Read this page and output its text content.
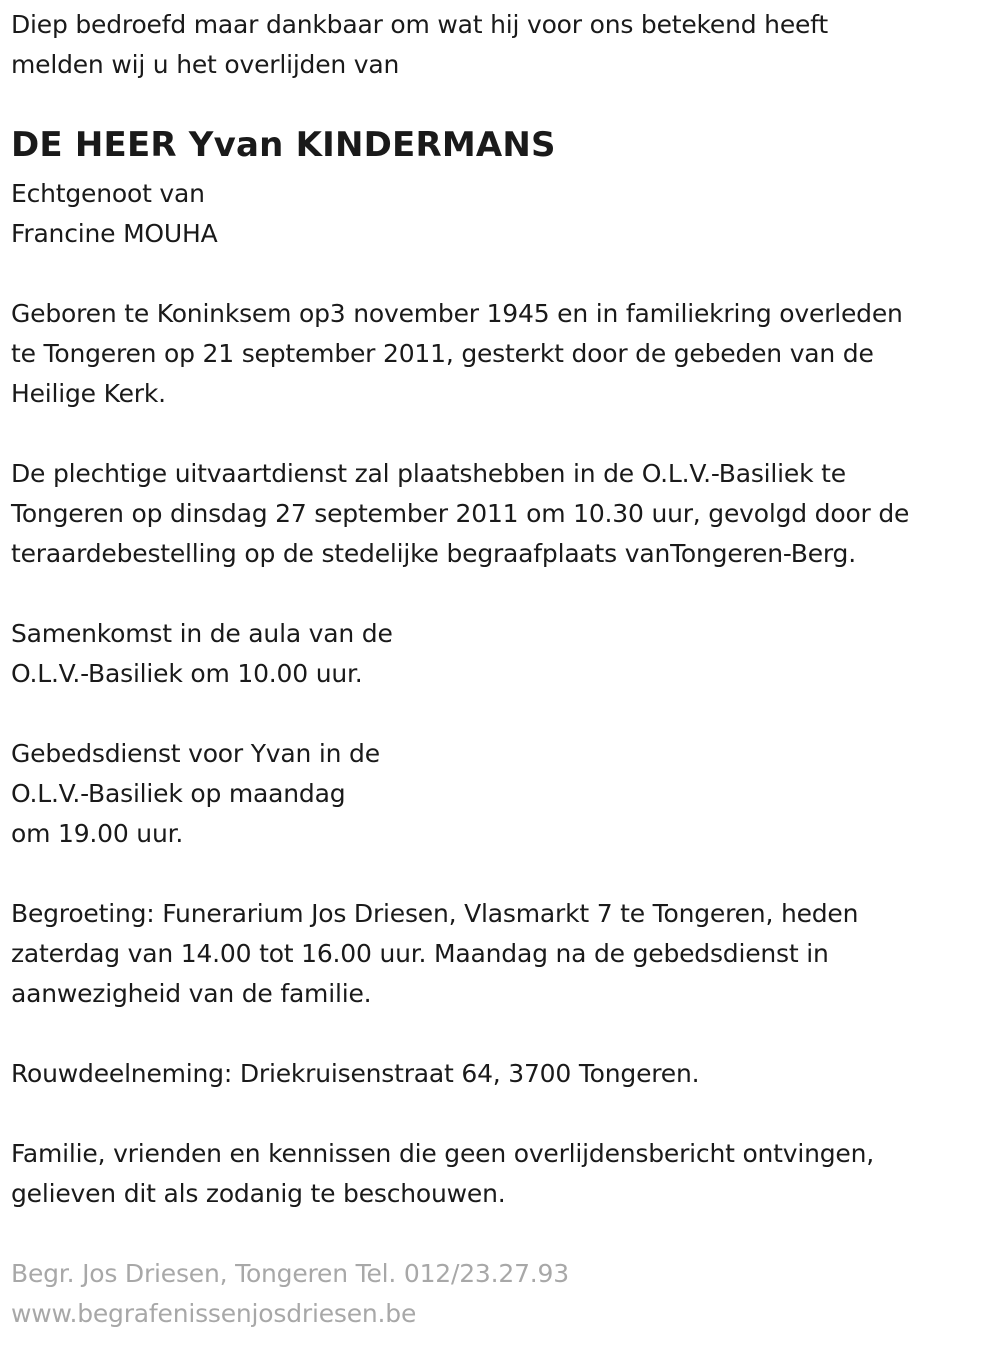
Diep bedroefd maar dankbaar om wat hij voor ons betekend heeft
melden wij u het overlijden van
DE HEER Yvan KINDERMANS
Echtgenoot van
Francine MOUHA
Geboren te Koninksem op3 november 1945 en in familiekring overleden
te Tongeren op 21 september 2011, gesterkt door de gebeden van de
Heilige Kerk.
De plechtige uitvaartdienst zal plaatshebben in de O.L.V.-Basiliek te
Tongeren op dinsdag 27 september 2011 om 10.30 uur, gevolgd door de
teraardebestelling op de stedelijke begraafplaats vanTongeren-Berg.
Samenkomst in de aula van de
O.L.V.-Basiliek om 10.00 uur.
Gebedsdienst voor Yvan in de
O.L.V.-Basiliek op maandag
om 19.00 uur.
Begroeting: Funerarium Jos Driesen, Vlasmarkt 7 te Tongeren, heden
zaterdag van 14.00 tot 16.00 uur. Maandag na de gebedsdienst in
aanwezigheid van de familie.
Rouwdeelneming: Driekruisenstraat 64, 3700 Tongeren.
Familie, vrienden en kennissen die geen overlijdensbericht ontvingen,
gelieven dit als zodanig te beschouwen.
Begr. Jos Driesen, Tongeren Tel. 012/23.27.93
www.begrafenissenjosdriesen.be
